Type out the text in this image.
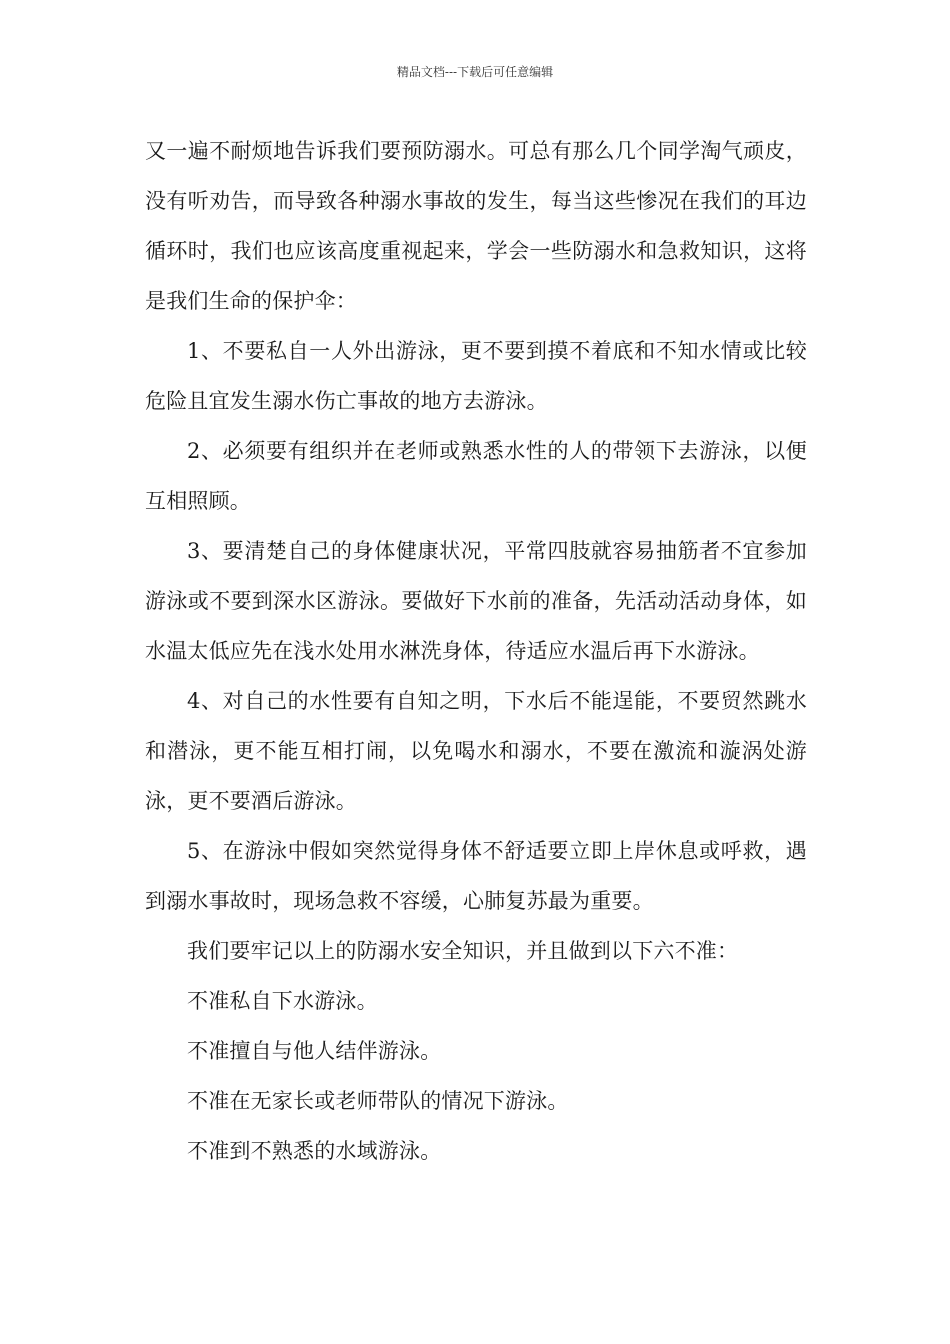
精品文档---下载后可任意编辑

又一遍不耐烦地告诉我们要预防溺水。可总有那么几个同学淘气顽皮，没有听劝告，而导致各种溺水事故的发生，每当这些惨况在我们的耳边循环时，我们也应该高度重视起来，学会一些防溺水和急救知识，这将是我们生命的保护伞：

1、不要私自一人外出游泳，更不要到摸不着底和不知水情或比较危险且宜发生溺水伤亡事故的地方去游泳。

2、必须要有组织并在老师或熟悉水性的人的带领下去游泳，以便互相照顾。

3、要清楚自己的身体健康状况，平常四肢就容易抽筋者不宜参加游泳或不要到深水区游泳。要做好下水前的准备，先活动活动身体，如水温太低应先在浅水处用水淋洗身体，待适应水温后再下水游泳。

4、对自己的水性要有自知之明，下水后不能逞能，不要贸然跳水和潜泳，更不能互相打闹，以免喝水和溺水，不要在激流和漩涡处游泳，更不要酒后游泳。

5、在游泳中假如突然觉得身体不舒适要立即上岸休息或呼救，遇到溺水事故时，现场急救不容缓，心肺复苏最为重要。

我们要牢记以上的防溺水安全知识，并且做到以下六不准：

不准私自下水游泳。

不准擅自与他人结伴游泳。

不准在无家长或老师带队的情况下游泳。

不准到不熟悉的水域游泳。
